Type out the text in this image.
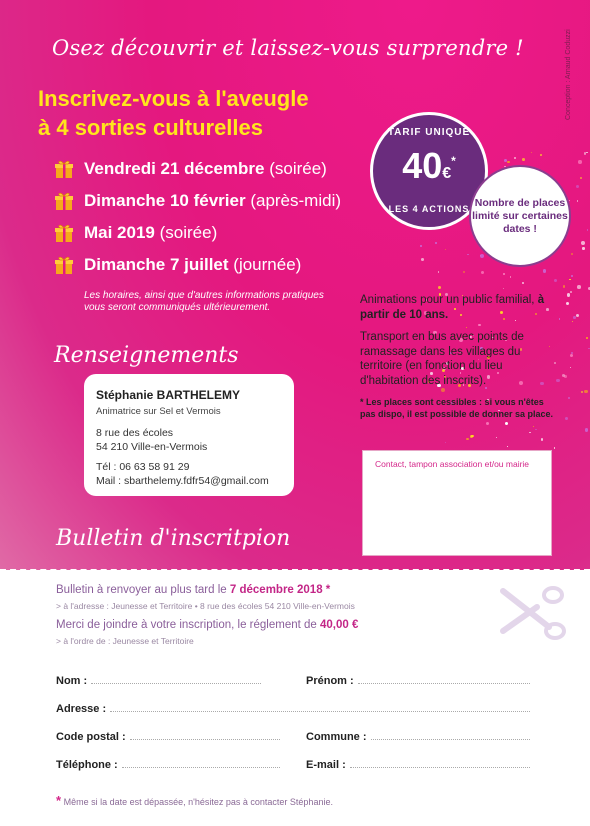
Osez découvrir et laissez-vous surprendre !
Inscrivez-vous à l'aveugle
à 4 sorties culturelles
Vendredi 21 décembre (soirée)
Dimanche 10 février (après-midi)
Mai 2019 (soirée)
Dimanche 7 juillet (journée)
Les horaires, ainsi que d'autres informations pratiques vous seront communiqués ultérieurement.
TARIF UNIQUE
40€*
LES 4 ACTIONS
Nombre de places limité sur certaines dates !
Animations pour un public familial, à partir de 10 ans.
Transport en bus avec points de ramassage dans les villages du territoire (en fonction du lieu d'habitation des inscrits).
* Les places sont cessibles : si vous n'êtes pas dispo, il est possible de donner sa place.
Renseignements
Stéphanie BARTHELEMY
Animatrice sur Sel et Vermois
8 rue des écoles
54 210 Ville-en-Vermois
Tél : 06 63 58 91 29
Mail : sbarthelemy.fdfr54@gmail.com
Contact, tampon association et/ou mairie
Conception : Arnaud Coduzzi
Bulletin d'inscritpion
Bulletin à renvoyer au plus tard le 7 décembre 2018 *
> à l'adresse : Jeunesse et Territoire • 8 rue des écoles 54 210 Ville-en-Vermois
Merci de joindre à votre inscription, le réglement de 40,00 €
> à l'ordre de : Jeunesse et Territoire
Nom :	Prénom :
Adresse :
Code postal :	Commune :
Téléphone :	E-mail :
* Même si la date est dépassée, n'hésitez pas à contacter Stéphanie.
